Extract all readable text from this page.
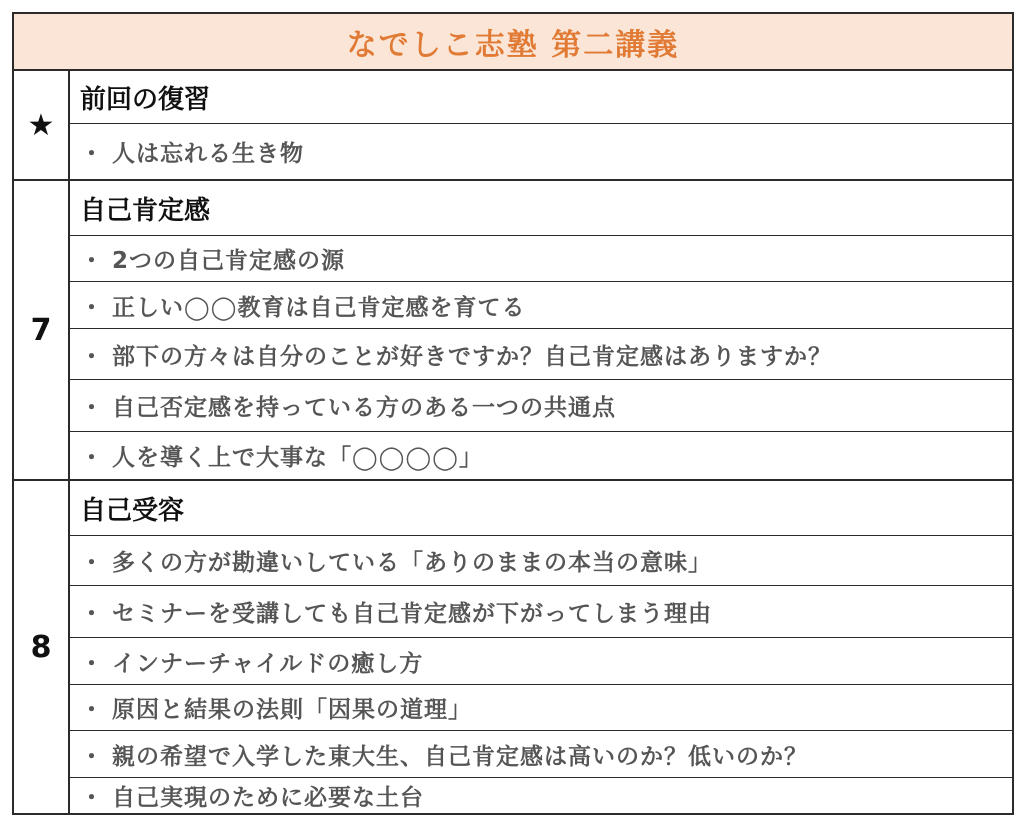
なでしこ志塾 第二講義
★
前回の復習
・ 人は忘れる生き物
7
自己肯定感
・ 2つの自己肯定感の源
・ 正しい◯◯教育は自己肯定感を育てる
・ 部下の方々は自分のことが好きですか？自己肯定感はありますか？
・ 自己否定感を持っている方のある一つの共通点
・ 人を導く上で大事な「◯◯◯◯」
8
自己受容
・ 多くの方が勘違いしている「ありのままの本当の意味」
・ セミナーを受講しても自己肯定感が下がってしまう理由
・ インナーチャイルドの癒し方
・ 原因と結果の法則「因果の道理」
・ 親の希望で入学した東大生、自己肯定感は高いのか？低いのか？
・ 自己実現のために必要な土台
